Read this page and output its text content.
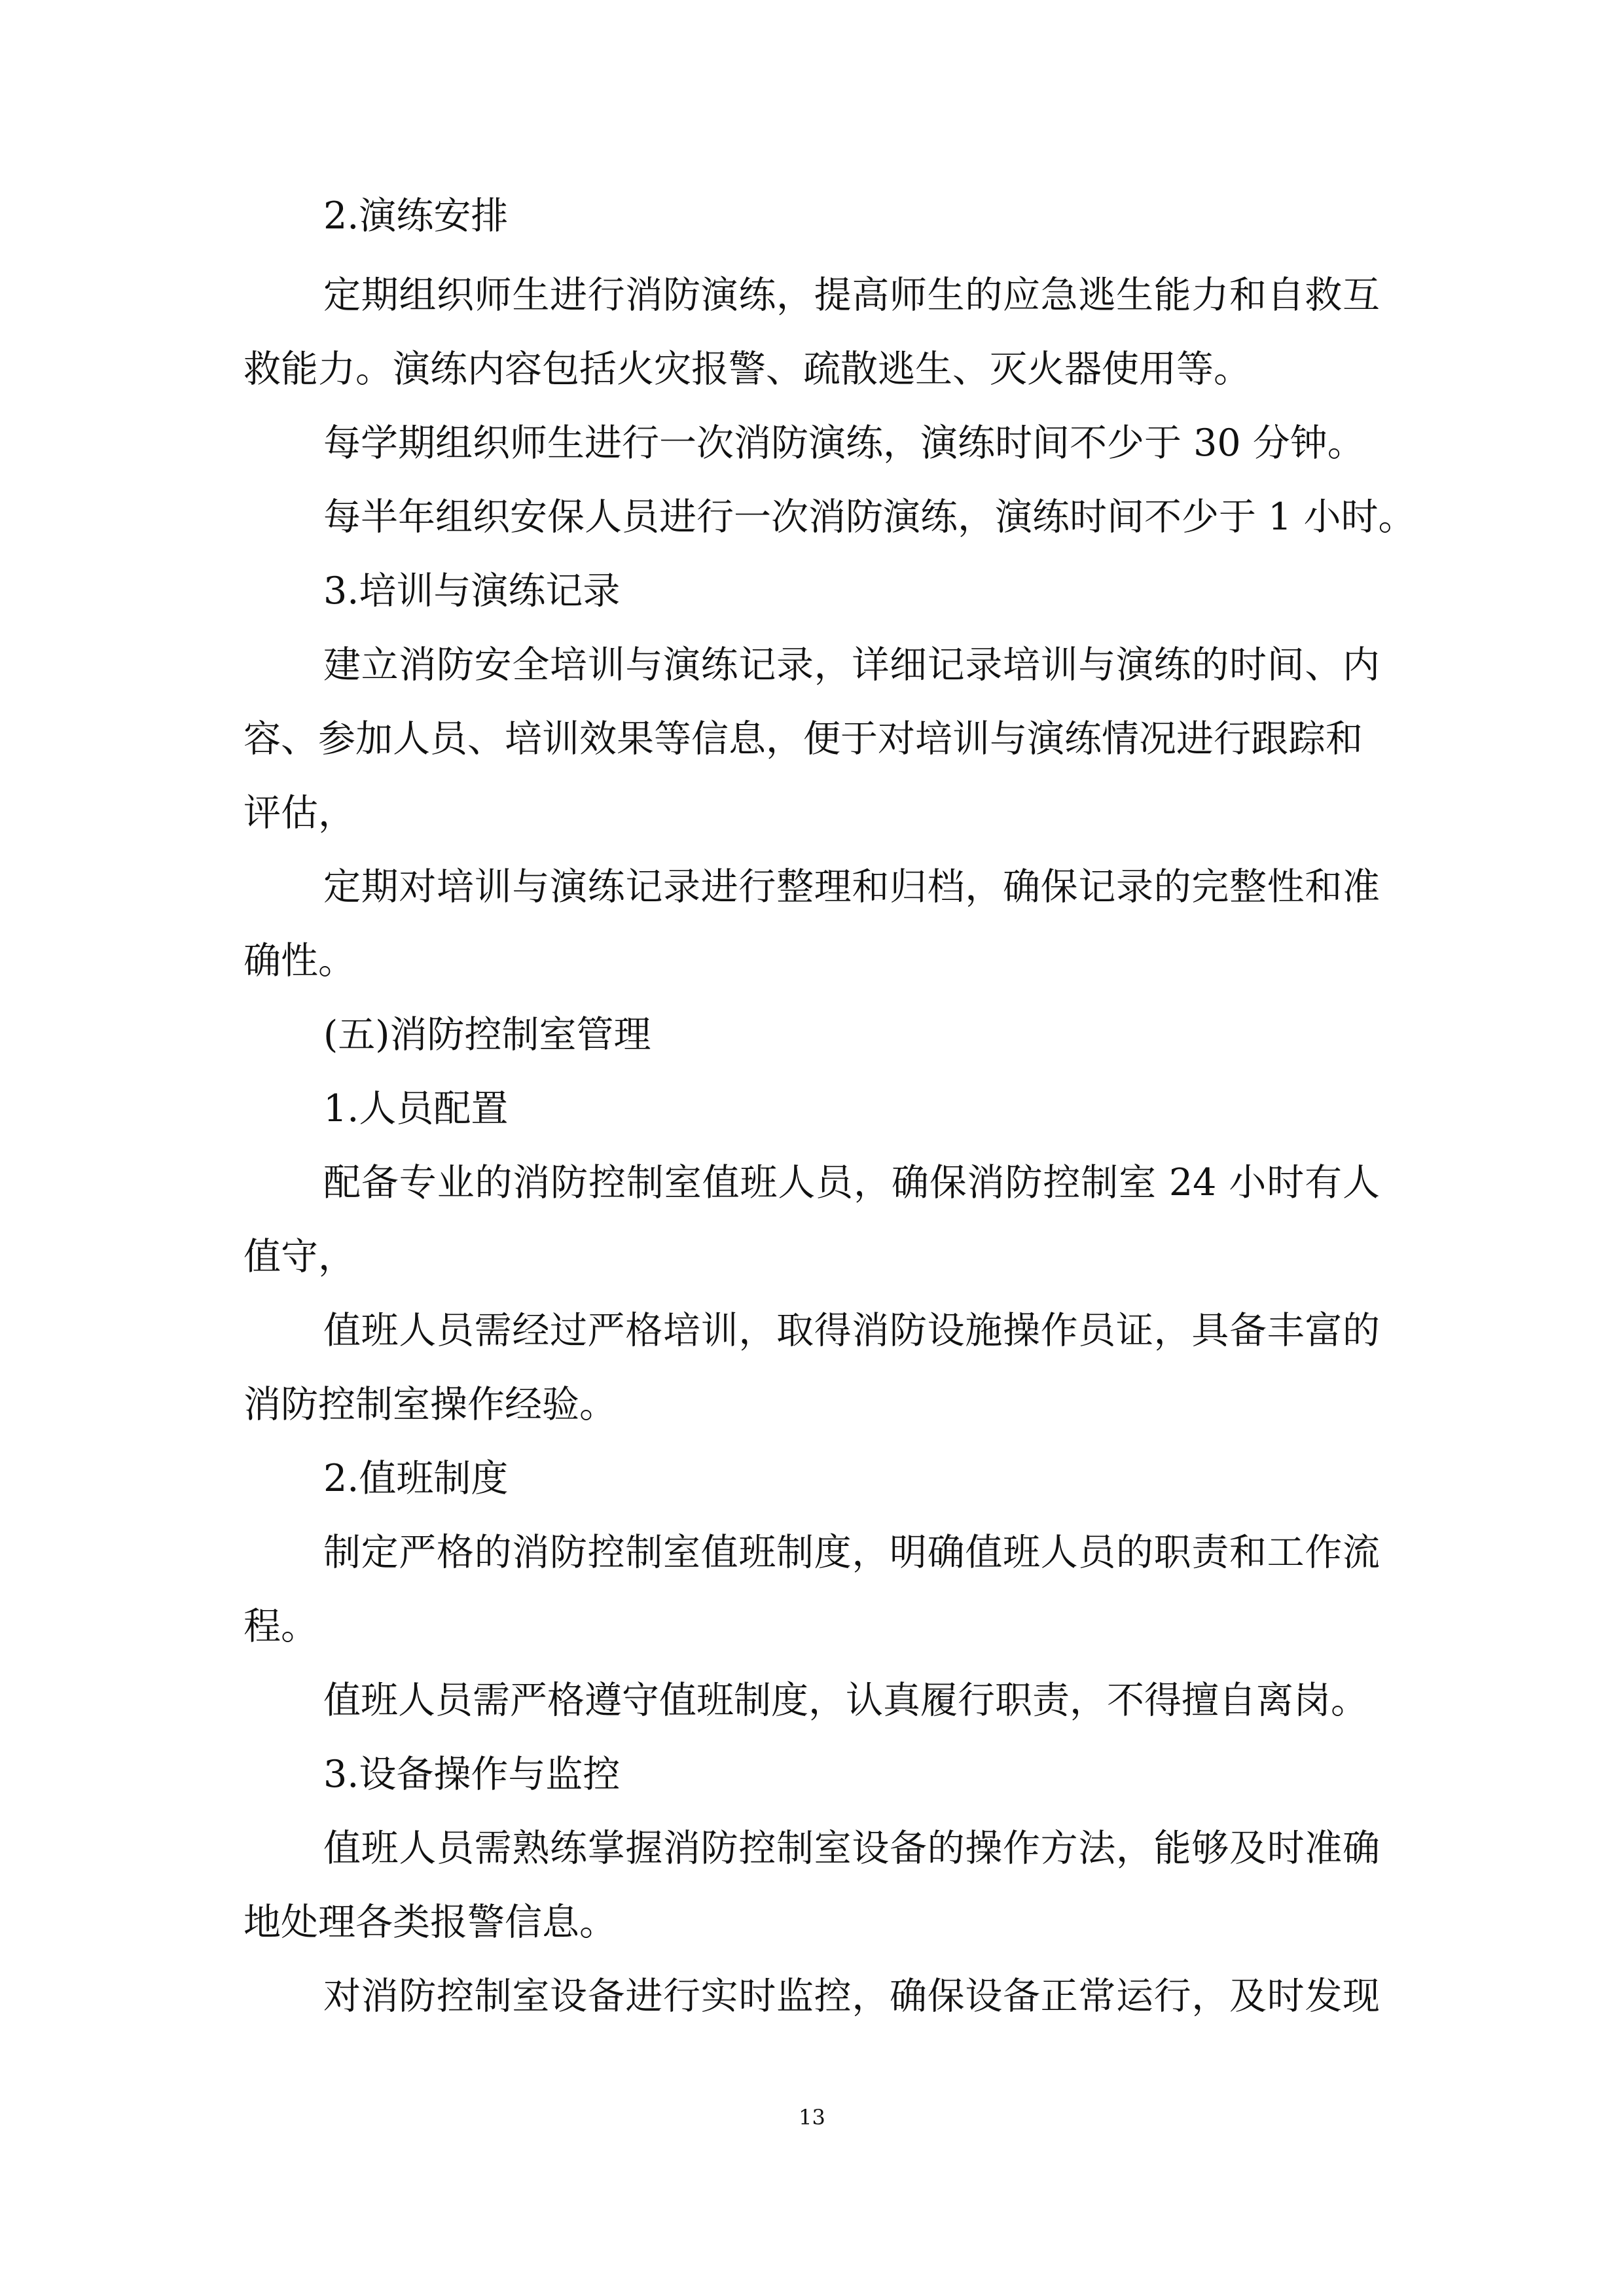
2.演练安排
定期组织师生进行消防演练，提高师生的应急逃生能力和自救互
救能力。演练内容包括火灾报警、疏散逃生、灭火器使用等。
每学期组织师生进行一次消防演练，演练时间不少于 30 分钟。
每半年组织安保人员进行一次消防演练，演练时间不少于 1 小时。
3.培训与演练记录
建立消防安全培训与演练记录，详细记录培训与演练的时间、内
容、参加人员、培训效果等信息，便于对培训与演练情况进行跟踪和
评估，
定期对培训与演练记录进行整理和归档，确保记录的完整性和准
确性。
(五)消防控制室管理
1.人员配置
配备专业的消防控制室值班人员，确保消防控制室 24 小时有人
值守，
值班人员需经过严格培训，取得消防设施操作员证，具备丰富的
消防控制室操作经验。
2.值班制度
制定严格的消防控制室值班制度，明确值班人员的职责和工作流
程。
值班人员需严格遵守值班制度，认真履行职责，不得擅自离岗。
3.设备操作与监控
值班人员需熟练掌握消防控制室设备的操作方法，能够及时准确
地处理各类报警信息。
对消防控制室设备进行实时监控，确保设备正常运行，及时发现
13
